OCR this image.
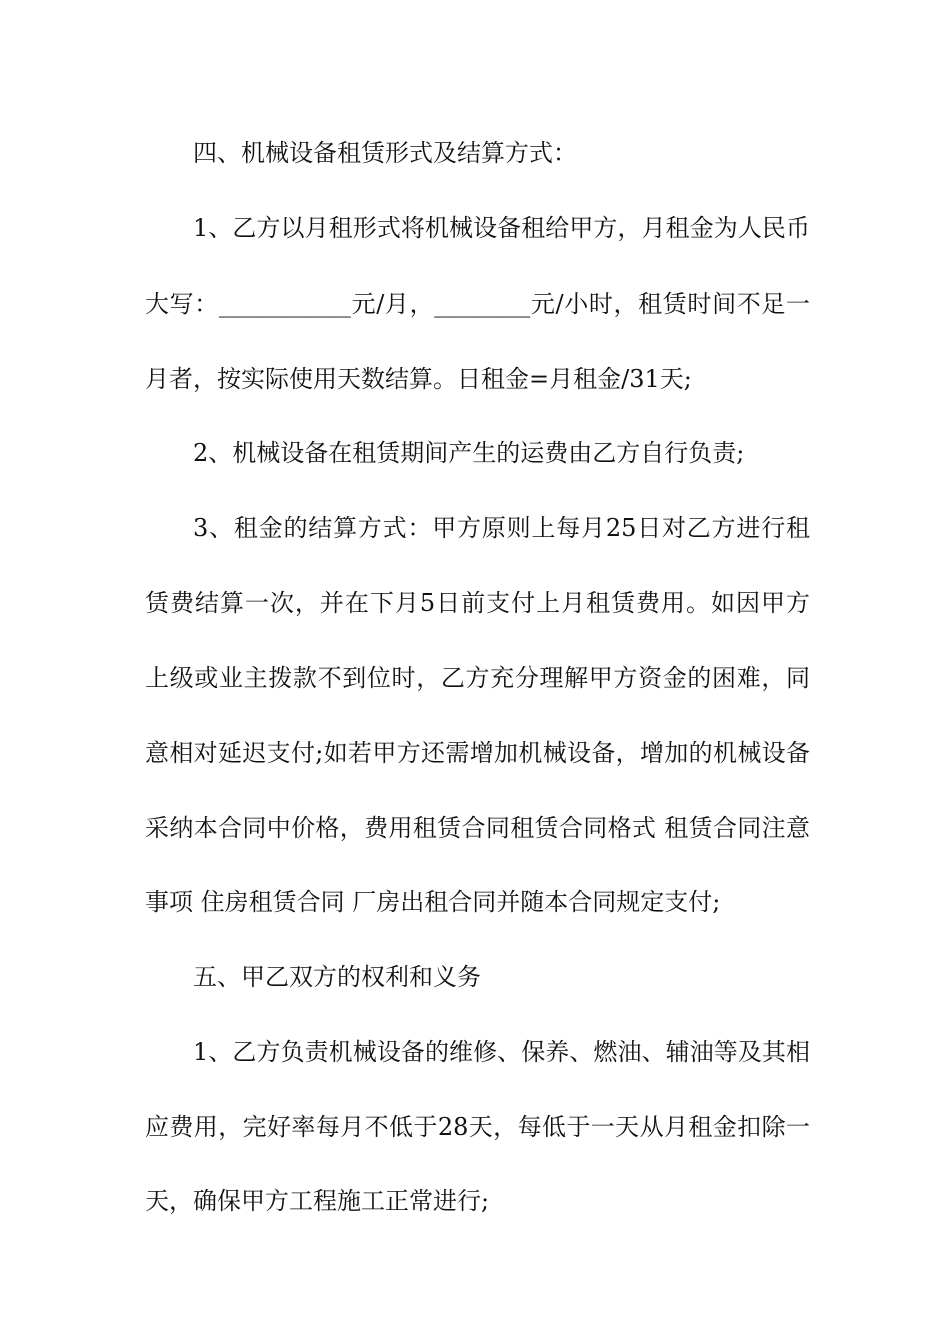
四、机械设备租赁形式及结算方式：
1、乙方以月租形式将机械设备租给甲方，月租金为人民币
大写：___________元/月，________元/小时，租赁时间不足一
月者，按实际使用天数结算。日租金=月租金/31天;
2、机械设备在租赁期间产生的运费由乙方自行负责;
3、租金的结算方式：甲方原则上每月25日对乙方进行租
赁费结算一次，并在下月5日前支付上月租赁费用。如因甲方
上级或业主拨款不到位时，乙方充分理解甲方资金的困难，同
意相对延迟支付;如若甲方还需增加机械设备，增加的机械设备
采纳本合同中价格，费用租赁合同租赁合同格式 租赁合同注意
事项 住房租赁合同 厂房出租合同并随本合同规定支付;
五、甲乙双方的权利和义务
1、乙方负责机械设备的维修、保养、燃油、辅油等及其相
应费用，完好率每月不低于28天，每低于一天从月租金扣除一
天，确保甲方工程施工正常进行;
